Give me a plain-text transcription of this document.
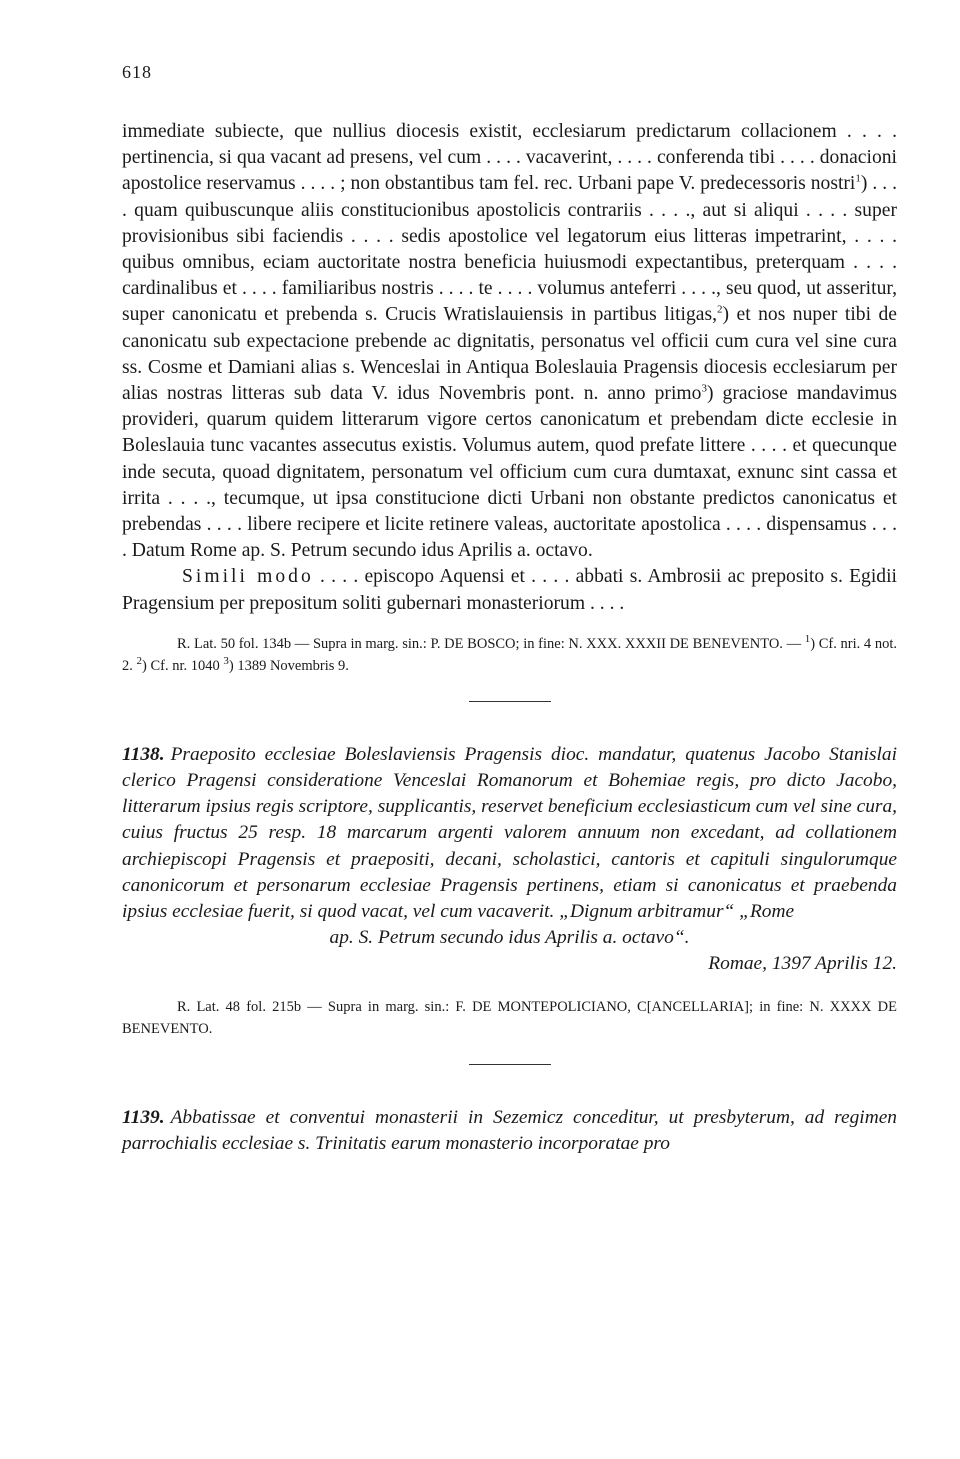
618

immediate subiecte, que nullius diocesis existit, ecclesiarum predictarum collacionem . . . . pertinencia, si qua vacant ad presens, vel cum . . . . vacaverint, . . . . conferenda tibi . . . . donacioni apostolice reservamus . . . . ; non obstantibus tam fel. rec. Urbani pape V. predecessoris nostri$^1$) . . . . quam quibuscunque aliis constitucionibus apostolicis contrariis . . . ., aut si aliqui . . . . super provisionibus sibi faciendis . . . . sedis apostolice vel legatorum eius litteras impetrarint, . . . . quibus omnibus, eciam auctoritate nostra beneficia huiusmodi expectantibus, preterquam . . . . cardinalibus et . . . . familiaribus nostris . . . . te . . . . volumus anteferri . . . ., seu quod, ut asseritur, super canonicatu et prebenda s. Crucis Wratislauiensis in partibus litigas,$^2$) et nos nuper tibi de canonicatu sub expectacione prebende ac dignitatis, personatus vel officii cum cura vel sine cura ss. Cosme et Damiani alias s. Wenceslai in Antiqua Boleslauia Pragensis diocesis ecclesiarum per alias nostras litteras sub data V. idus Novembris pont. n. anno primo$^3$) graciose mandavimus provideri, quarum quidem litterarum vigore certos canonicatum et prebendam dicte ecclesie in Boleslauia tunc vacantes assecutus existis. Volumus autem, quod prefate littere . . . . et quecunque inde secuta, quoad dignitatem, personatum vel officium cum cura dumtaxat, exnunc sint cassa et irrita . . . ., tecumque, ut ipsa constitucione dicti Urbani non obstante predictos canonicatus et prebendas . . . . libere recipere et licite retinere valeas, auctoritate apostolica . . . . dispensamus . . . . Datum Rome ap. S. Petrum secundo idus Aprilis a. octavo.

Simili modo . . . . episcopo Aquensi et . . . . abbati s. Ambrosii ac preposito s. Egidii Pragensium per prepositum soliti gubernari monasteriorum . . . .

R. Lat. 50 fol. 134b — Supra in marg. sin.: P. DE BOSCO; in fine: N. XXX. XXXII DE BENEVENTO. — $^1$) Cf. nri. 4 not. 2. $^2$) Cf. nr. 1040 $^3$) 1389 Novembris 9.

1138. Praeposito ecclesiae Boleslaviensis Pragensis dioc. mandatur, quatenus Jacobo Stanislai clerico Pragensi consideratione Venceslai Romanorum et Bohemiae regis, pro dicto Jacobo, litterarum ipsius regis scriptore, supplicantis, reservet beneficium ecclesiasticum cum vel sine cura, cuius fructus 25 resp. 18 marcarum argenti valorem annuum non excedant, ad collationem archiepiscopi Pragensis et praepositi, decani, scholastici, cantoris et capituli singulorumque canonicorum et personarum ecclesiae Pragensis pertinens, etiam si canonicatus et praebenda ipsius ecclesiae fuerit, si quod vacat, vel cum vacaverit. „Dignum arbitramur“ „Rome

ap. S. Petrum secundo idus Aprilis a. octavo“.

Romae, 1397 Aprilis 12.

R. Lat. 48 fol. 215b — Supra in marg. sin.: F. DE MONTEPOLICIANO, C[ANCELLARIA]; in fine: N. XXXX DE BENEVENTO.

1139. Abbatissae et conventui monasterii in Sezemicz conceditur, ut presbyterum, ad regimen parrochialis ecclesiae s. Trinitatis earum monasterio incorporatae pro
